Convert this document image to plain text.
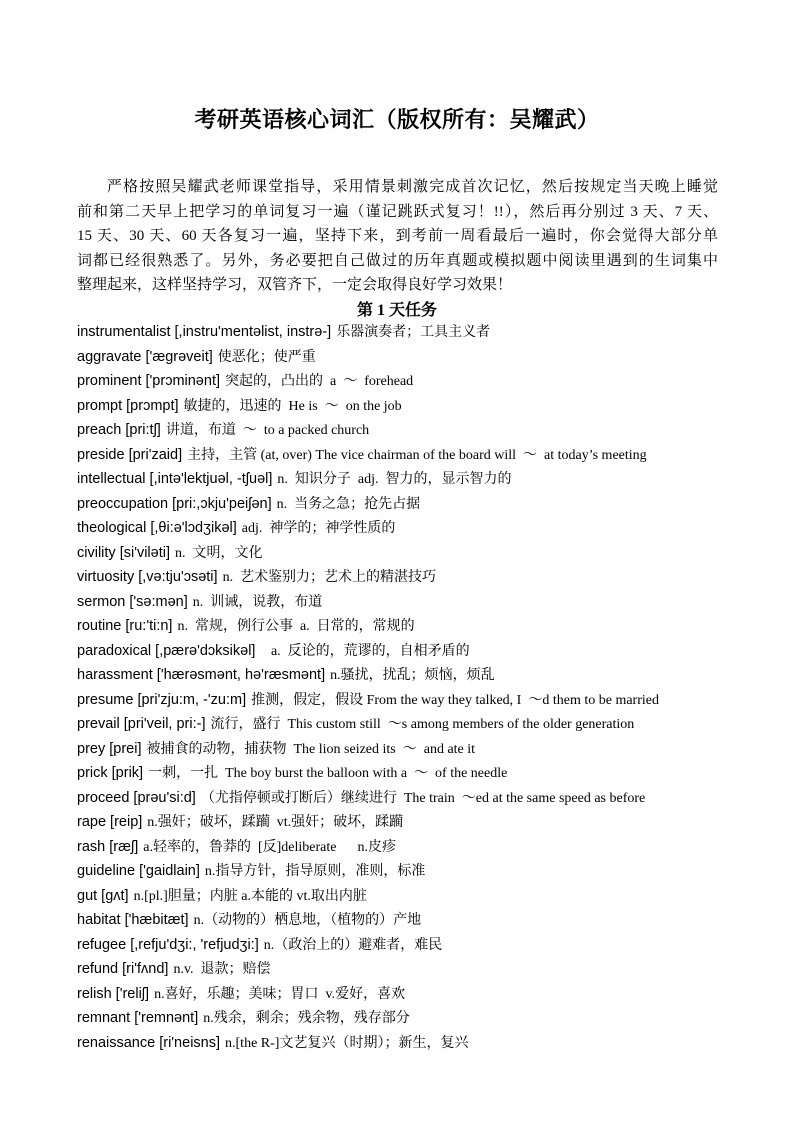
考研英语核心词汇（版权所有：吴耀武）
严格按照吴耀武老师课堂指导，采用情景刺激完成首次记忆，然后按规定当天晚上睡觉
前和第二天早上把学习的单词复习一遍（谨记跳跃式复习！!!），然后再分别过 3 天、7 天、
15 天、30 天、60 天各复习一遍，坚持下来，到考前一周看最后一遍时，你会觉得大部分单
词都已经很熟悉了。另外，务必要把自己做过的历年真题或模拟题中阅读里遇到的生词集中
整理起来，这样坚持学习，双管齐下，一定会取得良好学习效果！
第 1 天任务
instrumentalist [,instru'mentəlist, instrə-] 乐器演奏者；工具主义者
aggravate ['æɡrəveit] 使恶化；使严重
prominent ['prɔminənt] 突起的，凸出的  a  ～  forehead
prompt [prɔmpt] 敏捷的，迅速的  He is  ～  on the job
preach [pri:tʃ] 讲道，布道  ～  to a packed church
preside [pri'zaid] 主持，主管 (at, over) The vice chairman of the board will  ～  at today’s meeting
intellectual [,intə'lektjuəl, -tʃuəl] n.  知识分子  adj.  智力的，显示智力的
preoccupation [pri:,ɔkju'peiʃən] n.  当务之急；抢先占据
theological [,θi:ə'lɔdʒikəl] adj.  神学的；神学性质的
civility [si'viləti] n.  文明，文化
virtuosity [,və:tju'ɔsəti] n.  艺术鉴别力；艺术上的精湛技巧
sermon ['sə:mən] n.  训诫，说教，布道
routine [ru:'ti:n] n.  常规，例行公事  a.  日常的，常规的
paradoxical [,pærə'dɔksikəl]   a.  反论的，荒谬的，自相矛盾的
harassment ['hærəsmənt, hə'ræsmənt] n.骚扰，扰乱；烦恼，烦乱
presume [pri'zju:m, -'zu:m] 推测，假定，假设 From the way they talked, I  ～d them to be married
prevail [pri'veil, pri:-] 流行，盛行  This custom still  ～s among members of the older generation
prey [prei] 被捕食的动物，捕获物  The lion seized its  ～  and ate it
prick [prik] 一刺，一扎  The boy burst the balloon with a  ～  of the needle
proceed [prəu'si:d] （尤指停顿或打断后）继续进行  The train  ～ed at the same speed as before
rape [reip] n.强奸；破坏，蹂躏  vt.强奸；破坏，蹂躏
rash [ræʃ] a.轻率的，鲁莽的  [反]deliberate      n.皮疹
guideline ['ɡaidlain] n.指导方针，指导原则，准则，标准
gut [ɡʌt] n.[pl.]胆量；内脏 a.本能的 vt.取出内脏
habitat ['hæbitæt] n.（动物的）栖息地，（植物的）产地
refugee [,refju'dʒi:, 'refjudʒi:] n.（政治上的）避难者，难民
refund [ri'fʌnd] n.v.  退款；赔偿
relish ['reliʃ] n.喜好，乐趣；美味；胃口  v.爱好，喜欢
remnant ['remnənt] n.残余，剩余；残余物，残存部分
renaissance [ri'neisns] n.[the R-]文艺复兴（时期）；新生，复兴
